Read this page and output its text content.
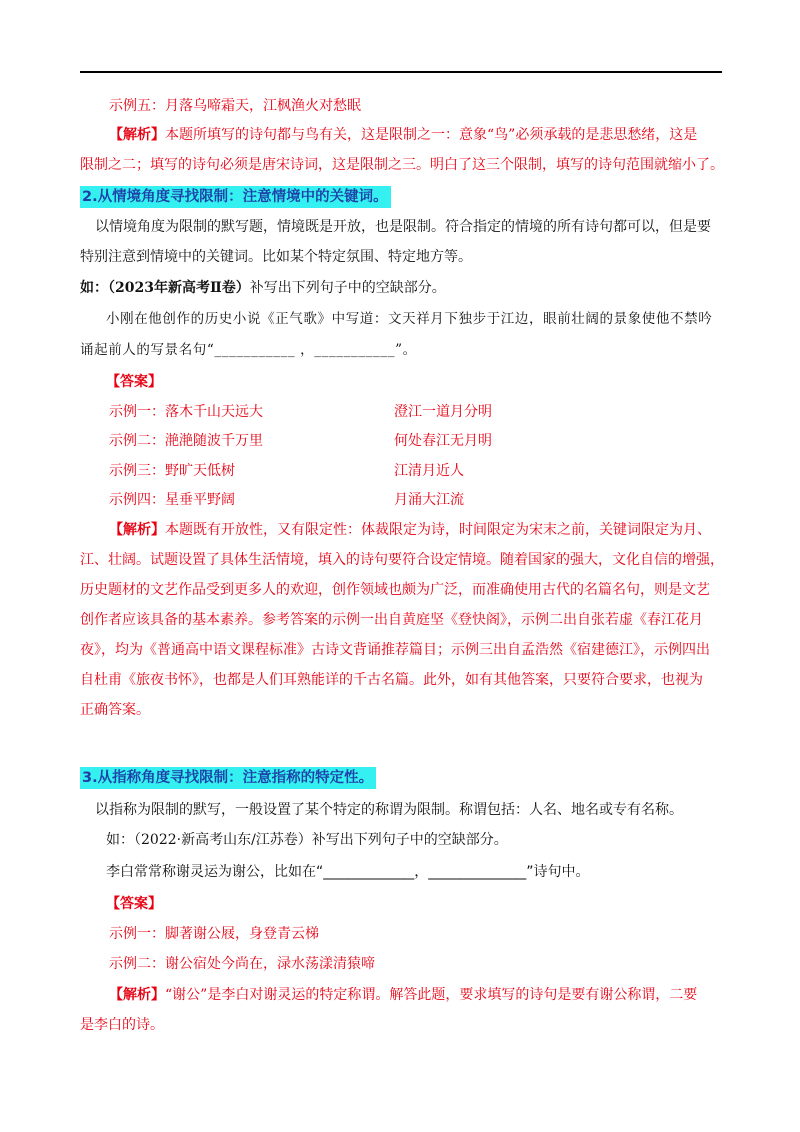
示例五：月落乌啼霜天，江枫渔火对愁眠
【解析】本题所填写的诗句都与鸟有关，这是限制之一：意象“鸟”必须承载的是悲思愁绪，这是
限制之二；填写的诗句必须是唐宋诗词，这是限制之三。明白了这三个限制，填写的诗句范围就缩小了。
2.从情境角度寻找限制：注意情境中的关键词。
以情境角度为限制的默写题，情境既是开放，也是限制。符合指定的情境的所有诗句都可以，但是要
特别注意到情境中的关键词。比如某个特定氛围、特定地方等。
如：（2023年新高考Ⅱ卷）补写出下列句子中的空缺部分。
小刚在他创作的历史小说《正气歌》中写道：文天祥月下独步于江边，眼前壮阔的景象使他不禁吟
诵起前人的写景名句“___________ ，___________”。
【答案】
示例一：落木千山天远大	澄江一道月分明
示例二：滟滟随波千万里	何处春江无月明
示例三：野旷天低树	江清月近人
示例四：星垂平野阔	月涌大江流
【解析】本题既有开放性，又有限定性：体裁限定为诗，时间限定为宋末之前，关键词限定为月、
江、壮阔。试题设置了具体生活情境，填入的诗句要符合设定情境。随着国家的强大，文化自信的增强，
历史题材的文艺作品受到更多人的欢迎，创作领域也颇为广泛，而准确使用古代的名篇名句，则是文艺
创作者应该具备的基本素养。参考答案的示例一出自黄庭坚《登快阁》，示例二出自张若虚《春江花月
夜》，均为《普通高中语文课程标准》古诗文背诵推荐篇目；示例三出自孟浩然《宿建德江》，示例四出
自杜甫《旅夜书怀》，也都是人们耳熟能详的千古名篇。此外，如有其他答案，只要符合要求，也视为
正确答案。
3.从指称角度寻找限制：注意指称的特定性。
以指称为限制的默写，一般设置了某个特定的称谓为限制。称谓包括：人名、地名或专有名称。
如：（2022·新高考山东/江苏卷）补写出下列句子中的空缺部分。
李白常常称谢灵运为谢公，比如在“_____________，______________”诗句中。
【答案】
示例一：脚著谢公屐，身登青云梯
示例二：谢公宿处今尚在，渌水荡漾清猿啼
【解析】“谢公”是李白对谢灵运的特定称谓。解答此题，要求填写的诗句是要有谢公称谓，二要
是李白的诗。
